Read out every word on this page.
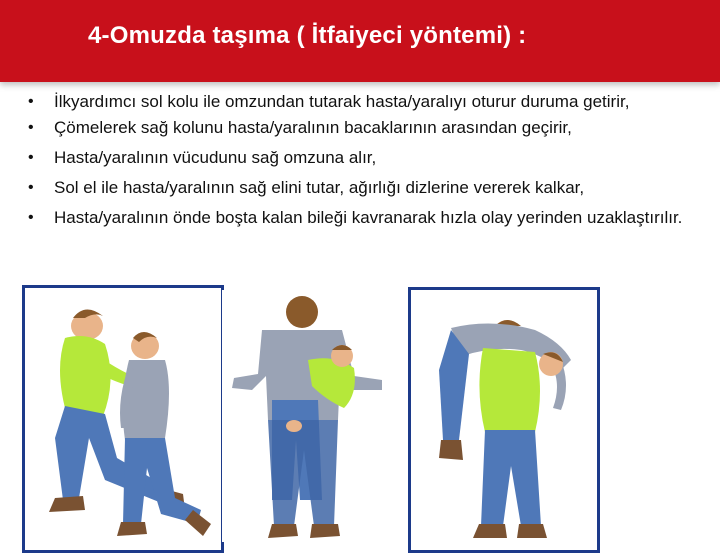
4-Omuzda taşıma ( İtfaiyeci yöntemi) :
• İlkyardımcı sol kolu ile omzundan tutarak hasta/yaralıyı oturur duruma getirir,
• Çömelerek sağ kolunu hasta/yaralının bacaklarının arasından geçirir,
• Hasta/yaralının vücudunu sağ omzuna alır,
• Sol el ile hasta/yaralının sağ elini tutar, ağırlığı dizlerine vererek kalkar,
• Hasta/yaralının önde boşta kalan bileği kavranarak hızla olay yerinden uzaklaştırılır.
